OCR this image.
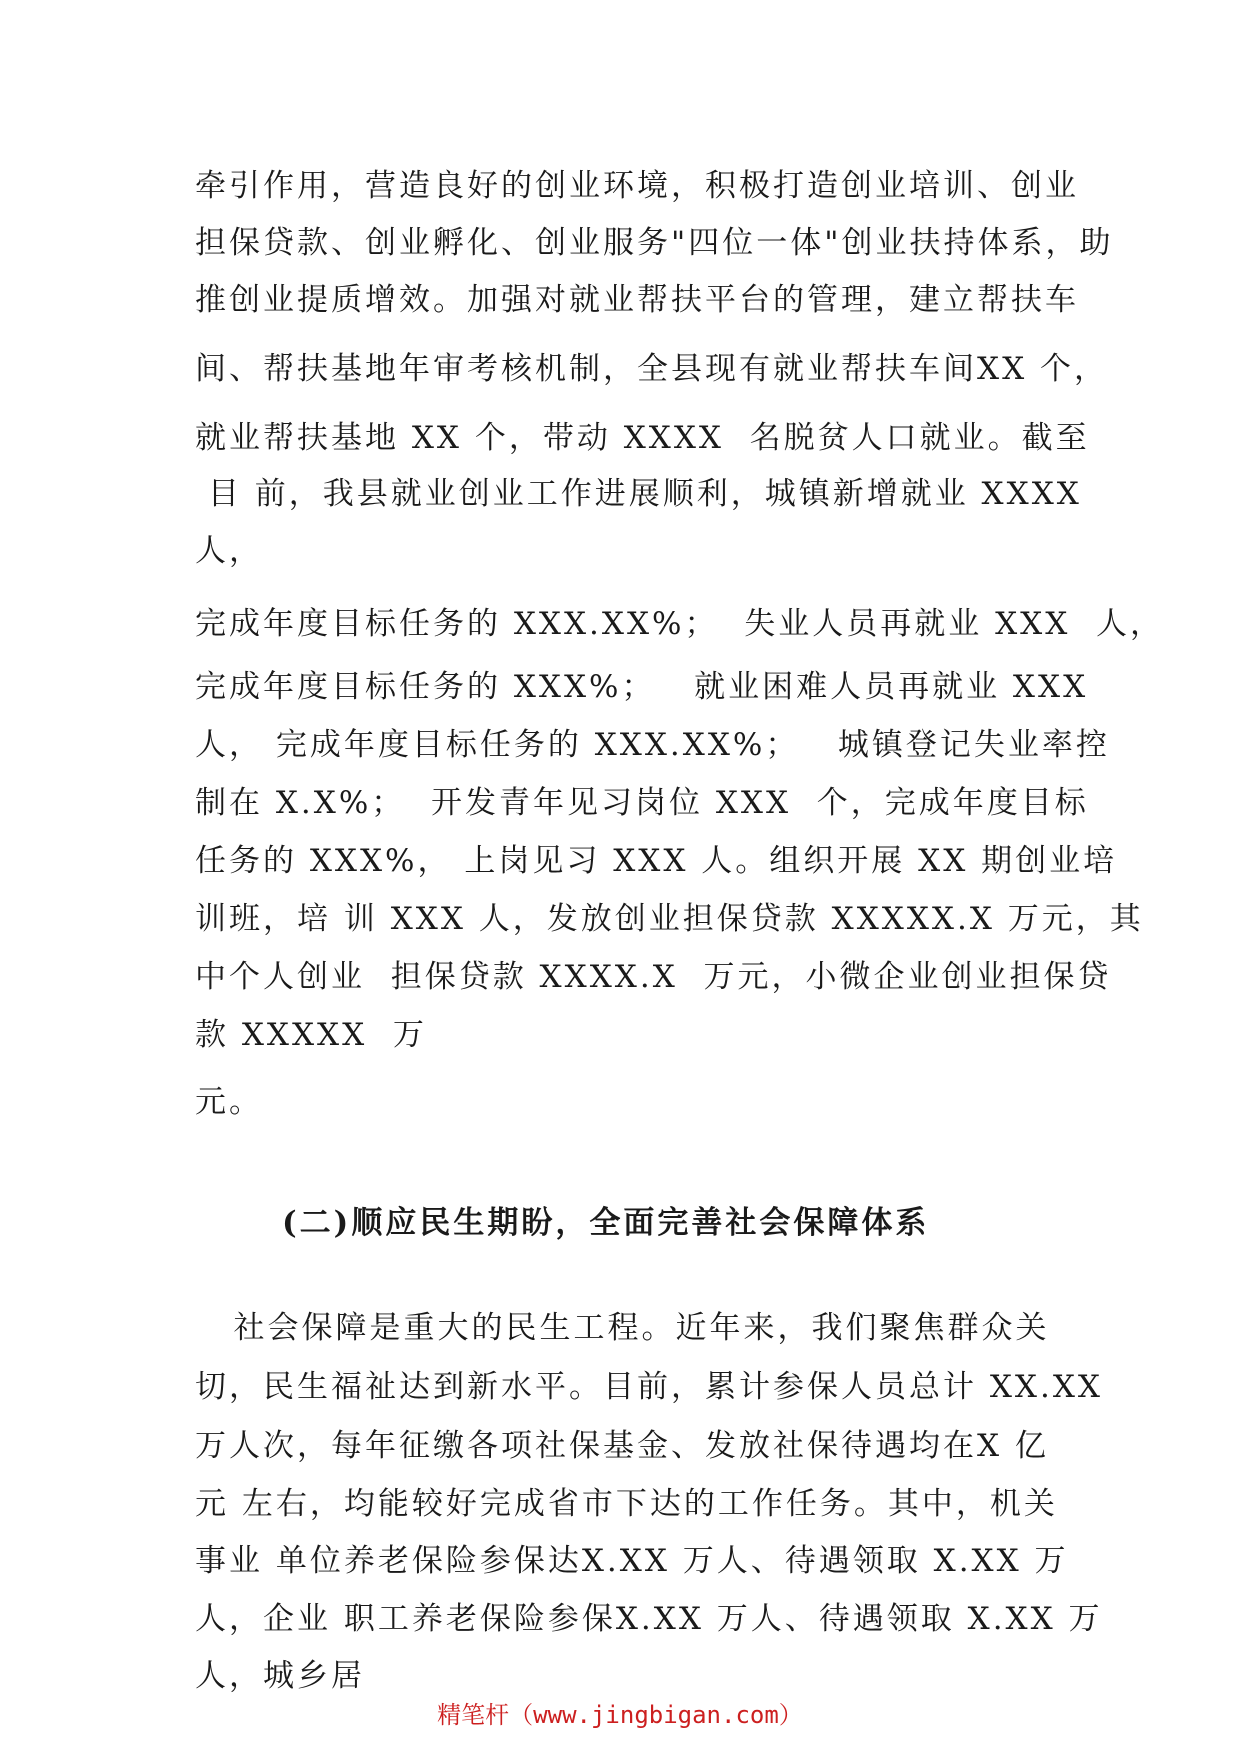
牵引作用，营造良好的创业环境，积极打造创业培训、创业
担保贷款、创业孵化、创业服务"四位一体"创业扶持体系，助
推创业提质增效。加强对就业帮扶平台的管理，建立帮扶车
间、帮扶基地年审考核机制，全县现有就业帮扶车间XX 个，
就业帮扶基地 XX 个，带动 XXXX  名脱贫人口就业。截至
目 前，我县就业创业工作进展顺利，城镇新增就业 XXXX
人，
完成年度目标任务的 XXX.XX%；  失业人员再就业 XXX  人，
完成年度目标任务的 XXX%；   就业困难人员再就业 XXX
人， 完成年度目标任务的 XXX.XX%；   城镇登记失业率控
制在 X.X%；  开发青年见习岗位 XXX  个，完成年度目标
任务的 XXX%， 上岗见习 XXX 人。组织开展 XX 期创业培
训班，培 训 XXX 人，发放创业担保贷款 XXXXX.X 万元，其
中个人创业  担保贷款 XXXX.X  万元，小微企业创业担保贷
款 XXXXX  万
元。
(二)顺应民生期盼，全面完善社会保障体系
社会保障是重大的民生工程。近年来，我们聚焦群众关
切，民生福祉达到新水平。目前，累计参保人员总计 XX.XX
万人次，每年征缴各项社保基金、发放社保待遇均在X 亿
元 左右，均能较好完成省市下达的工作任务。其中，机关
事业 单位养老保险参保达X.XX 万人、待遇领取 X.XX 万
人，企业 职工养老保险参保X.XX 万人、待遇领取 X.XX 万
人，城乡居
精笔杆（www.jingbigan.com）
